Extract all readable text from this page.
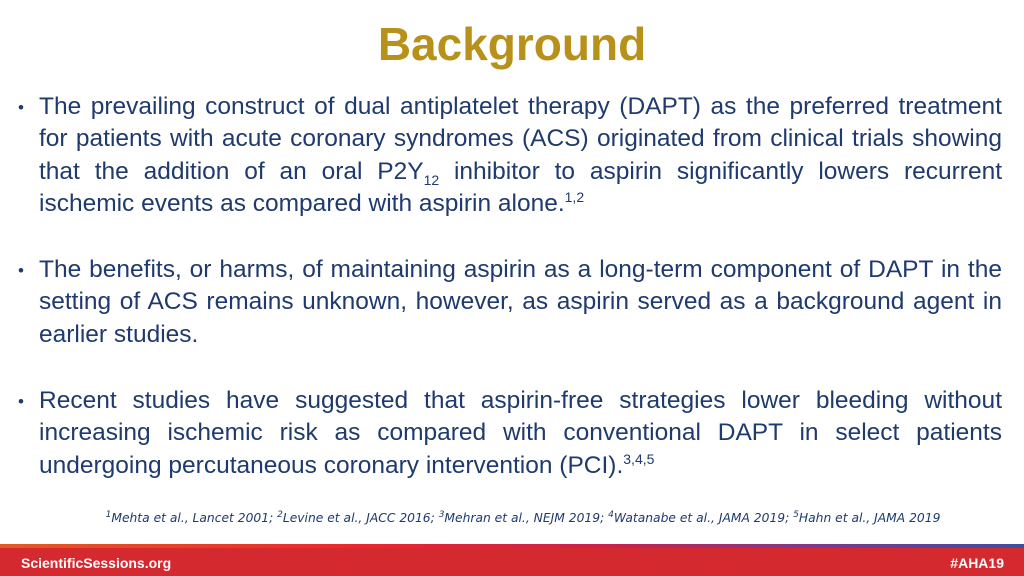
Background
• The prevailing construct of dual antiplatelet therapy (DAPT) as the preferred treatment for patients with acute coronary syndromes (ACS) originated from clinical trials showing that the addition of an oral $P2Y_{12}$ inhibitor to aspirin significantly lowers recurrent ischemic events as compared with aspirin alone.$^{1,2}$
• The benefits, or harms, of maintaining aspirin as a long-term component of DAPT in the setting of ACS remains unknown, however, as aspirin served as a background agent in earlier studies.
• Recent studies have suggested that aspirin-free strategies lower bleeding without increasing ischemic risk as compared with conventional DAPT in select patients undergoing percutaneous coronary intervention (PCI).$^{3,4,5}$
$^1$Mehta et al., Lancet 2001; $^2$Levine et al., JACC 2016; $^3$Mehran et al., NEJM 2019; $^4$Watanabe et al., JAMA 2019; $^5$Hahn et al., JAMA 2019
ScientificSessions.org	#AHA19
